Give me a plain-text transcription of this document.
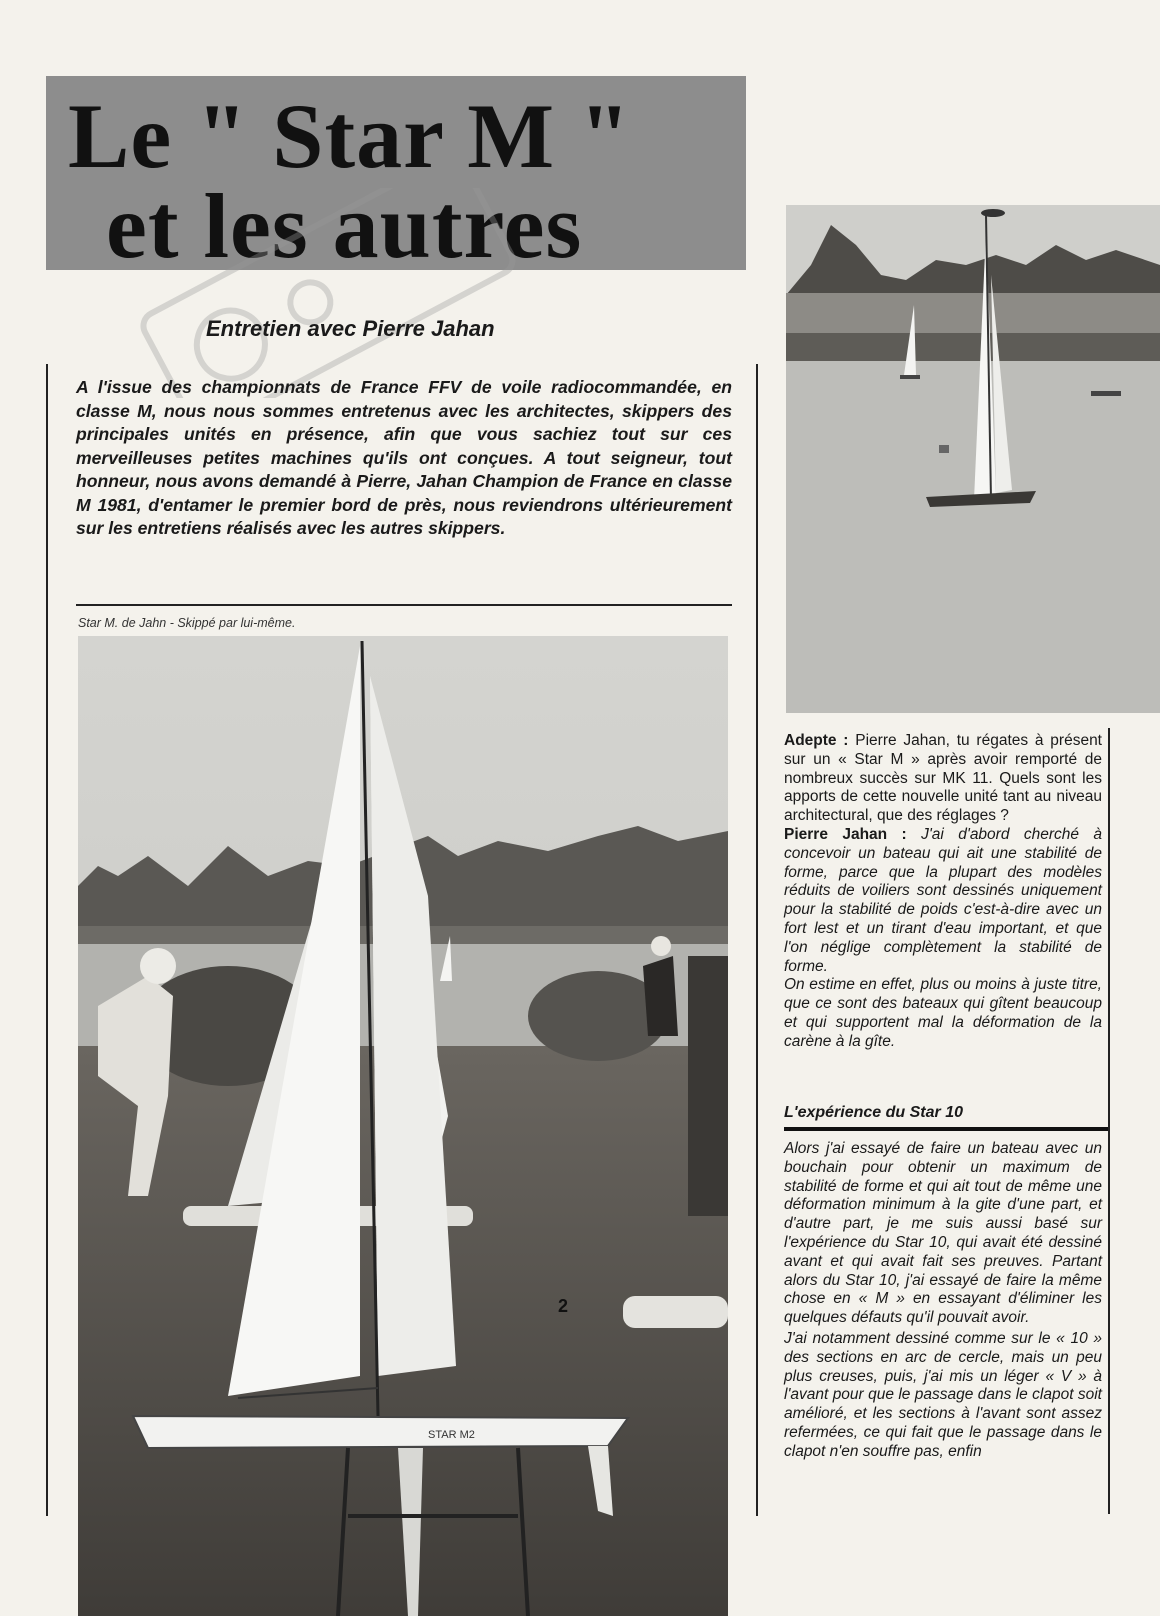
Le " Star M "
et les autres
Entretien avec Pierre Jahan
A l'issue des championnats de France FFV de voile radiocommandée, en classe M, nous nous sommes entretenus avec les architectes, skippers des principales unités en présence, afin que vous sachiez tout sur ces merveilleuses petites machines qu'ils ont conçues. A tout seigneur, tout honneur, nous avons demandé à Pierre, Jahan Champion de France en classe M 1981, d'entamer le premier bord de près, nous reviendrons ultérieurement sur les entretiens réalisés avec les autres skippers.
Star M. de Jahn - Skippé par lui-même.
STAR M2
2
Adepte : Pierre Jahan, tu régates à présent sur un « Star M » après avoir remporté de nombreux succès sur MK 11. Quels sont les apports de cette nouvelle unité tant au niveau architectural, que des réglages ?
Pierre Jahan : J'ai d'abord cherché à concevoir un bateau qui ait une stabilité de forme, parce que la plupart des modèles réduits de voiliers sont dessinés uniquement pour la stabilité de poids c'est-à-dire avec un fort lest et un tirant d'eau important, et que l'on néglige complètement la stabilité de forme.
On estime en effet, plus ou moins à juste titre, que ce sont des bateaux qui gîtent beaucoup et qui supportent mal la déformation de la carène à la gîte.
L'expérience du Star 10

Alors j'ai essayé de faire un bateau avec un bouchain pour obtenir un maximum de stabilité de forme et qui ait tout de même une déformation minimum à la gite d'une part, et d'autre part, je me suis aussi basé sur l'expérience du Star 10, qui avait été dessiné avant et qui avait fait ses preuves. Partant alors du Star 10, j'ai essayé de faire la même chose en « M » en essayant d'éliminer les quelques défauts qu'il pouvait avoir.

J'ai notamment dessiné comme sur le « 10 » des sections en arc de cercle, mais un peu plus creuses, puis, j'ai mis un léger « V » à l'avant pour que le passage dans le clapot soit amélioré, et les sections à l'avant sont assez refermées, ce qui fait que le passage dans le clapot n'en souffre pas, enfin
